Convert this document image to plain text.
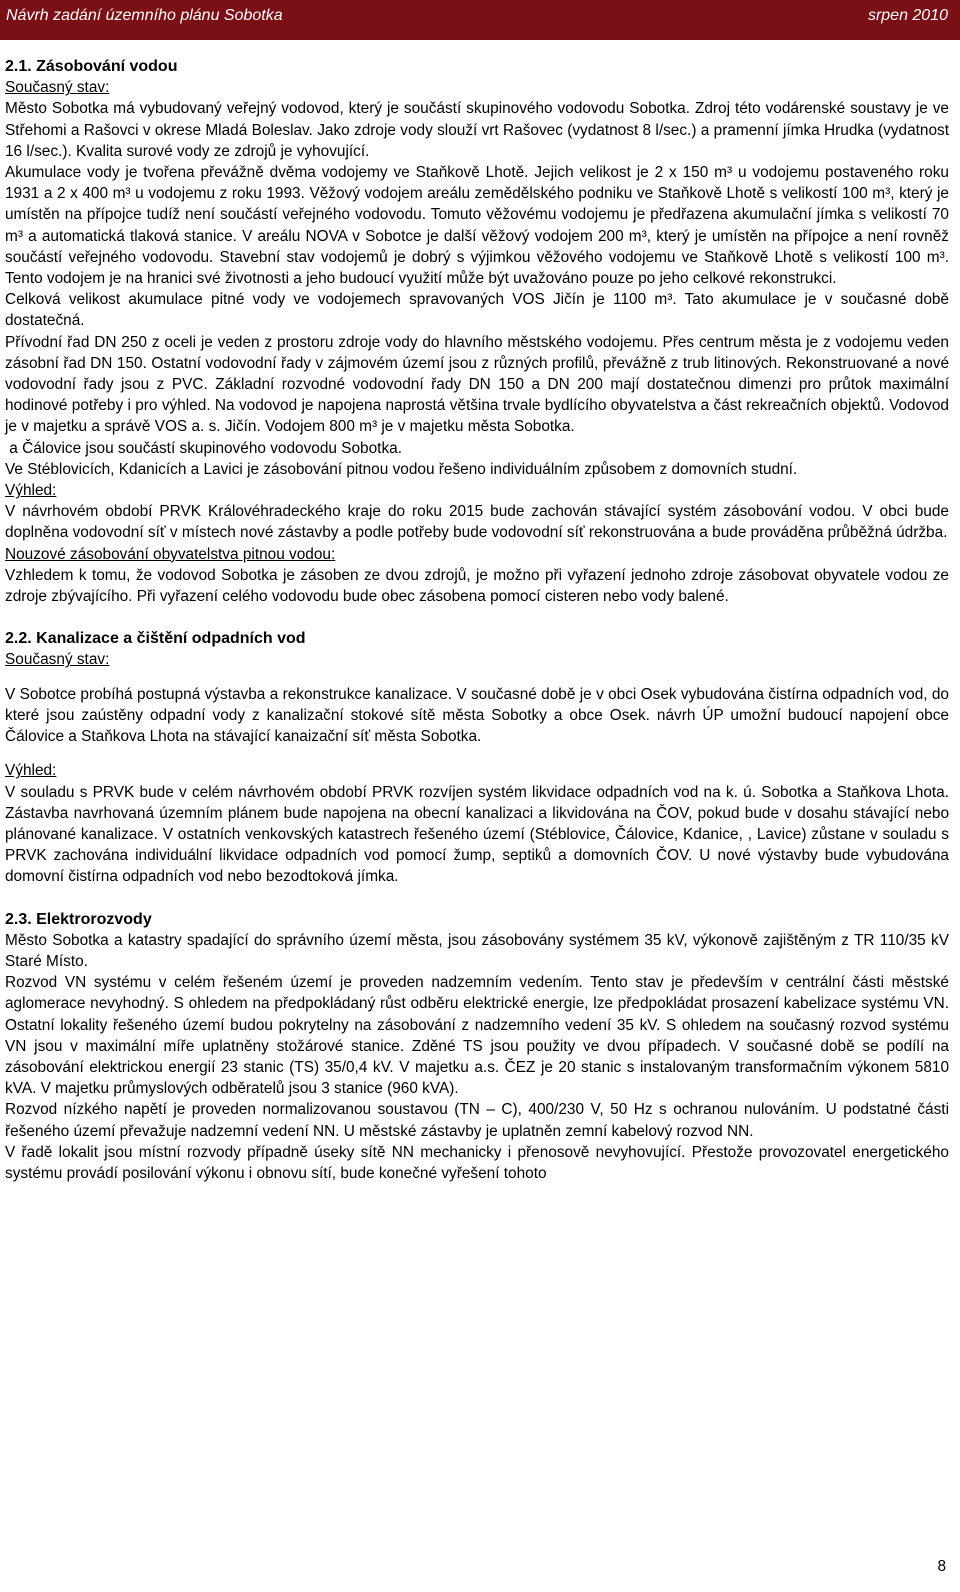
Návrh zadání územního plánu Sobotka	srpen 2010

2.1. Zásobování vodou

Současný stav:

Město Sobotka má vybudovaný veřejný vodovod, který je součástí skupinového vodovodu Sobotka. Zdroj této vodárenské soustavy je ve Střehomi a Rašovci v okrese Mladá Boleslav. Jako zdroje vody slouží vrt Rašovec (vydatnost 8 l/sec.) a pramenní jímka Hrudka (vydatnost 16 l/sec.). Kvalita surové vody ze zdrojů je vyhovující.

Akumulace vody je tvořena převážně dvěma vodojemy ve Staňkově Lhotě. Jejich velikost je 2 x 150 m³ u vodojemu postaveného roku 1931 a 2 x 400 m³ u vodojemu z roku 1993. Věžový vodojem areálu zemědělského podniku ve Staňkově Lhotě s velikostí 100 m³, který je umístěn na přípojce tudíž není součástí veřejného vodovodu. Tomuto věžovému vodojemu je předřazena akumulační jímka s velikostí 70 m³ a automatická tlaková stanice. V areálu NOVA v Sobotce je další věžový vodojem 200 m³, který je umístěn na přípojce a není rovněž součástí veřejného vodovodu. Stavební stav vodojemů je dobrý s výjimkou věžového vodojemu ve Staňkově Lhotě s velikostí 100 m³. Tento vodojem je na hranici své životnosti a jeho budoucí využití může být uvažováno pouze po jeho celkové rekonstrukci.

Celková velikost akumulace pitné vody ve vodojemech spravovaných VOS Jičín je 1100 m³. Tato akumulace je v současné době dostatečná.

Přívodní řad DN 250 z oceli je veden z prostoru zdroje vody do hlavního městského vodojemu. Přes centrum města je z vodojemu veden zásobní řad DN 150. Ostatní vodovodní řady v zájmovém území jsou z různých profilů, převážně z trub litinových. Rekonstruované a nové vodovodní řady jsou z PVC. Základní rozvodné vodovodní řady DN 150 a DN 200 mají dostatečnou dimenzi pro průtok maximální hodinové potřeby i pro výhled. Na vodovod je napojena naprostá většina trvale bydlícího obyvatelstva a část rekreačních objektů. Vodovod je v majetku a správě VOS a. s. Jičín. Vodojem 800 m³ je v majetku města Sobotka.

a Čálovice jsou součástí skupinového vodovodu Sobotka.

Ve Stéblovicích, Kdanicích a Lavici je zásobování pitnou vodou řešeno individuálním způsobem z domovních studní.

Výhled:

V návrhovém období PRVK Královéhradeckého kraje do roku 2015 bude zachován stávající systém zásobování vodou. V obci bude doplněna vodovodní síť v místech nové zástavby a podle potřeby bude vodovodní síť rekonstruována a bude prováděna průběžná údržba.

Nouzové zásobování obyvatelstva pitnou vodou:

Vzhledem k tomu, že vodovod Sobotka je zásoben ze dvou zdrojů, je možno při vyřazení jednoho zdroje zásobovat obyvatele vodou ze zdroje zbývajícího. Při vyřazení celého vodovodu bude obec zásobena pomocí cisteren nebo vody balené.

2.2. Kanalizace a čištění odpadních vod

Současný stav:

V Sobotce probíhá postupná výstavba a rekonstrukce kanalizace. V současné době je v obci Osek vybudována čistírna odpadních vod, do které jsou zaústěny odpadní vody z kanalizační stokové sítě města Sobotky a obce Osek. návrh ÚP umožní budoucí napojení obce Čálovice a Staňkova Lhota na stávající kanaizační síť města Sobotka.

Výhled:

V souladu s PRVK bude v celém návrhovém období PRVK rozvíjen systém likvidace odpadních vod na k. ú. Sobotka a Staňkova Lhota. Zástavba navrhovaná územním plánem bude napojena na obecní kanalizaci a likvidována na ČOV, pokud bude v dosahu stávající nebo plánované kanalizace. V ostatních venkovských katastrech řešeného území (Stéblovice, Čálovice, Kdanice, , Lavice) zůstane v souladu s PRVK zachována individuální likvidace odpadních vod pomocí žump, septiků a domovních ČOV. U nové výstavby bude vybudována domovní čistírna odpadních vod nebo bezodtoková jímka.

2.3. Elektrorozvody

Město Sobotka a katastry spadající do správního území města, jsou zásobovány systémem 35 kV, výkonově zajištěným z TR 110/35 kV Staré Místo.

Rozvod VN systému v celém řešeném území je proveden nadzemním vedením. Tento stav je především v centrální části městské aglomerace nevyhodný. S ohledem na předpokládaný růst odběru elektrické energie, lze předpokládat prosazení kabelizace systému VN. Ostatní lokality řešeného území budou pokrytelny na zásobování z nadzemního vedení 35 kV. S ohledem na současný rozvod systému VN jsou v maximální míře uplatněny stožárové stanice. Zděné TS jsou použity ve dvou případech. V současné době se podílí na zásobování elektrickou energií 23 stanic (TS) 35/0,4 kV. V majetku a.s. ČEZ je 20 stanic s instalovaným transformačním výkonem 5810 kVA. V majetku průmyslových odběratelů jsou 3 stanice (960 kVA).

Rozvod nízkého napětí je proveden normalizovanou soustavou (TN – C), 400/230 V, 50 Hz s ochranou nulováním. U podstatné části řešeného území převažuje nadzemní vedení NN. U městské zástavby je uplatněn zemní kabelový rozvod NN.

V řadě lokalit jsou místní rozvody případně úseky sítě NN mechanicky i přenosově nevyhovující. Přestože provozovatel energetického systému provádí posilování výkonu i obnovu sítí, bude konečné vyřešení tohoto

8
